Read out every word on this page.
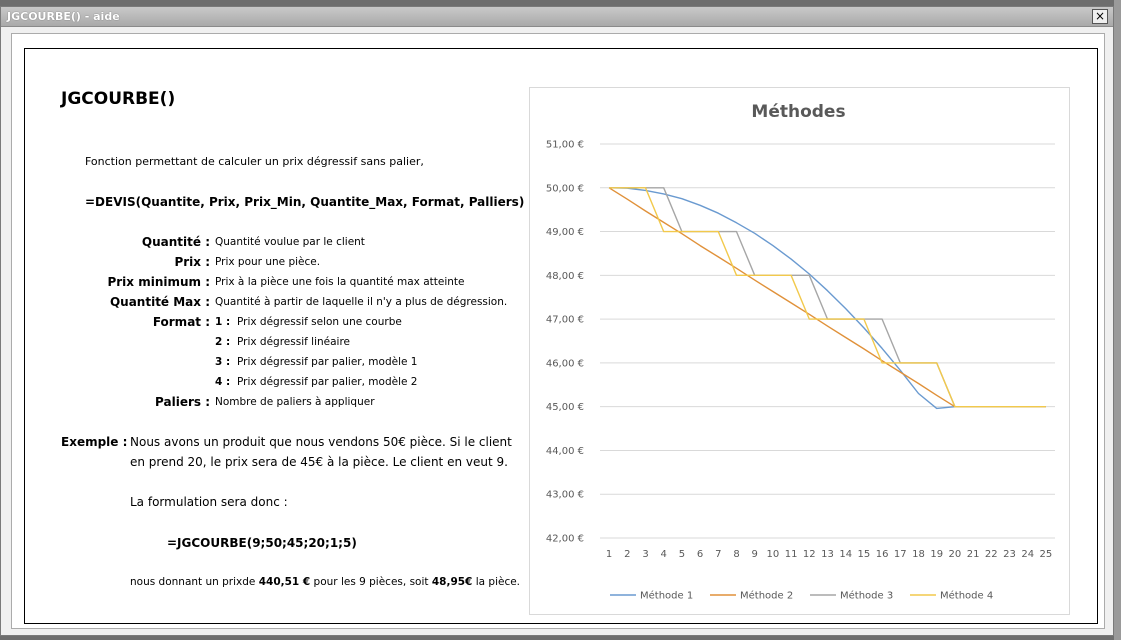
JGCOURBE() - aide	×
JGCOURBE()
Fonction permettant de calculer un prix dégressif sans palier,
=DEVIS(Quantite, Prix, Prix_Min, Quantite_Max, Format, Palliers)
Quantité : Quantité voulue par le client
Prix : Prix pour une pièce.
Prix minimum : Prix à la pièce une fois la quantité max atteinte
Quantité Max : Quantité à partir de laquelle il n'y a plus de dégression.
Format : 1 : Prix dégressif selon une courbe
2 : Prix dégressif linéaire
3 : Prix dégressif par palier, modèle 1
4 : Prix dégressif par palier, modèle 2
Paliers : Nombre de paliers à appliquer
Exemple : Nous avons un produit que nous vendons 50€ pièce. Si le client
en prend 20, le prix sera de 45€ à la pièce. Le client en veut 9.
La formulation sera donc :
=JGCOURBE(9;50;45;20;1;5)
nous donnant un prixde 440,51 € pour les 9 pièces, soit 48,95€ la pièce.
Méthodes
42,00 €
43,00 €
44,00 €
45,00 €
46,00 €
47,00 €
48,00 €
49,00 €
50,00 €
51,00 €
1 2 3 4 5 6 7 8 9 10 11 12 13 14 15 16 17 18 19 20 21 22 23 24 25
Méthode 1	Méthode 2	Méthode 3	Méthode 4
